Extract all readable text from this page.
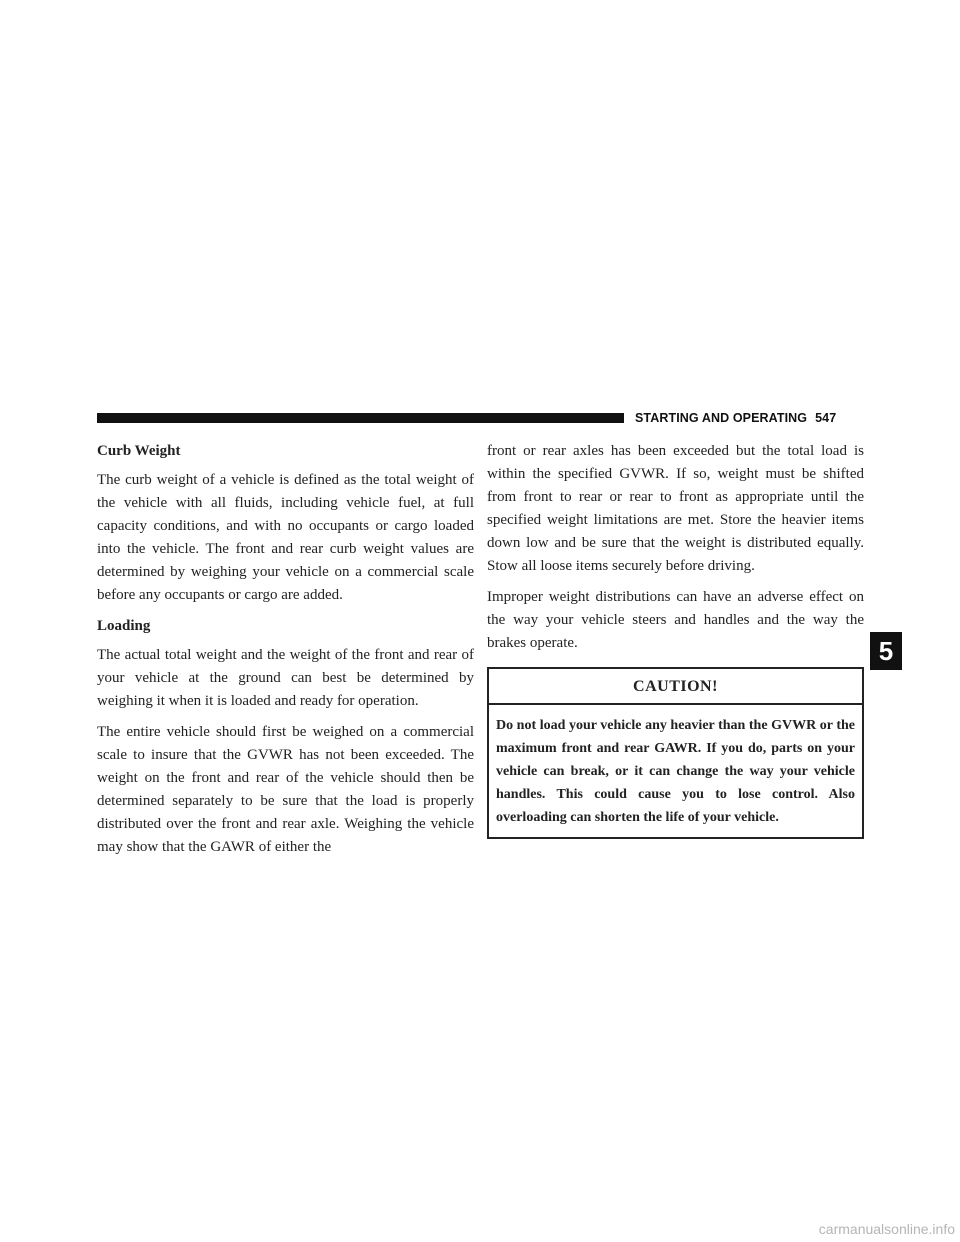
STARTING AND OPERATING 547
Curb Weight

The curb weight of a vehicle is defined as the total weight of the vehicle with all fluids, including vehicle fuel, at full capacity conditions, and with no occupants or cargo loaded into the vehicle. The front and rear curb weight values are determined by weighing your vehicle on a commercial scale before any occupants or cargo are added.

Loading

The actual total weight and the weight of the front and rear of your vehicle at the ground can best be determined by weighing it when it is loaded and ready for operation.

The entire vehicle should first be weighed on a commercial scale to insure that the GVWR has not been exceeded. The weight on the front and rear of the vehicle should then be determined separately to be sure that the load is properly distributed over the front and rear axle. Weighing the vehicle may show that the GAWR of either the

front or rear axles has been exceeded but the total load is within the specified GVWR. If so, weight must be shifted from front to rear or rear to front as appropriate until the specified weight limitations are met. Store the heavier items down low and be sure that the weight is distributed equally. Stow all loose items securely before driving.

Improper weight distributions can have an adverse effect on the way your vehicle steers and handles and the way the brakes operate.

CAUTION!
Do not load your vehicle any heavier than the GVWR or the maximum front and rear GAWR. If you do, parts on your vehicle can break, or it can change the way your vehicle handles. This could cause you to lose control. Also overloading can shorten the life of your vehicle.
5
carmanualsonline.info
